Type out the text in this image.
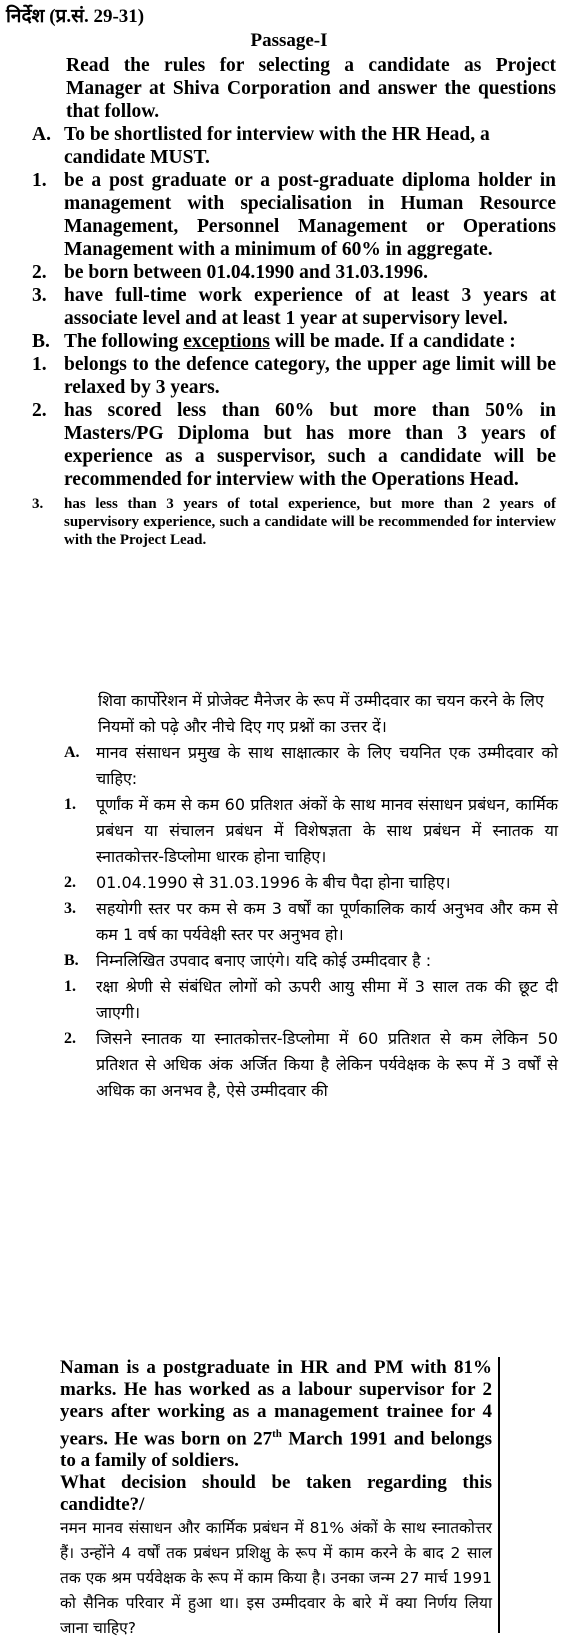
निर्देश (प्र.सं. 29-31)
Passage-I

Read the rules for selecting a candidate as Project Manager at Shiva Corporation and answer the questions that follow.

A. To be shortlisted for interview with the HR Head, a candidate MUST.
1. be a post graduate or a post-graduate diploma holder in management with specialisation in Human Resource Management, Personnel Management or Operations Management with a minimum of 60% in aggregate.
2. be born between 01.04.1990 and 31.03.1996.
3. have full-time work experience of at least 3 years at associate level and at least 1 year at supervisory level.
B. The following exceptions will be made. If a candidate :
1. belongs to the defence category, the upper age limit will be relaxed by 3 years.
2. has scored less than 60% but more than 50% in Masters/PG Diploma but has more than 3 years of experience as a suspervisor, such a candidate will be recommended for interview with the Operations Head.
3.	has less than 3 years of total experience, but more than 2 years of supervisory experience, such a candidate will be recommended for interview with the Project Lead.

शिवा कार्पोरेशन में प्रोजेक्ट मैनेजर के रूप में उम्मीदवार का चयन करने के लिए नियमों को पढ़े और नीचे दिए गए प्रश्नों का उत्तर दें।

A.	मानव संसाधन प्रमुख के साथ साक्षात्कार के लिए चयनित एक उम्मीदवार को चाहिए:
1.	पूर्णांक में कम से कम 60 प्रतिशत अंकों के साथ मानव संसाधन प्रबंधन, कार्मिक प्रबंधन या संचालन प्रबंधन में विशेषज्ञता के साथ प्रबंधन में स्नातक या स्नातकोत्तर-डिप्लोमा धारक होना चाहिए।
2.	01.04.1990 से 31.03.1996 के बीच पैदा होना चाहिए।
3.	सहयोगी स्तर पर कम से कम 3 वर्षों का पूर्णकालिक कार्य अनुभव और कम से कम 1 वर्ष का पर्यवेक्षी स्तर पर अनुभव हो।
B.	निम्नलिखित उपवाद बनाए जाएंगे। यदि कोई उम्मीदवार है :
1.	रक्षा श्रेणी से संबंधित लोगों को ऊपरी आयु सीमा में 3 साल तक की छूट दी जाएगी।
2.	जिसने स्नातक या स्नातकोत्तर-डिप्लोमा में 60 प्रतिशत से कम लेकिन 50 प्रतिशत से अधिक अंक अर्जित किया है लेकिन पर्यवेक्षक के रूप में 3 वर्षों से अधिक का अनभव है, ऐसे उम्मीदवार की

Naman is a postgraduate in HR and PM with 81% marks. He has worked as a labour supervisor for 2 years after working as a management trainee for 4 years. He was born on 27th March 1991 and belongs to a family of soldiers.

What decision should be taken regarding this candidte?/

नमन मानव संसाधन और कार्मिक प्रबंधन में 81% अंकों के साथ स्नातकोत्तर हैं। उन्होंने 4 वर्षों तक प्रबंधन प्रशिक्षु के रूप में काम करने के बाद 2 साल तक एक श्रम पर्यवेक्षक के रूप में काम किया है। उनका जन्म 27 मार्च 1991 को सैनिक परिवार में हुआ था। इस उम्मीदवार के बारे में क्या निर्णय लिया जाना चाहिए?
